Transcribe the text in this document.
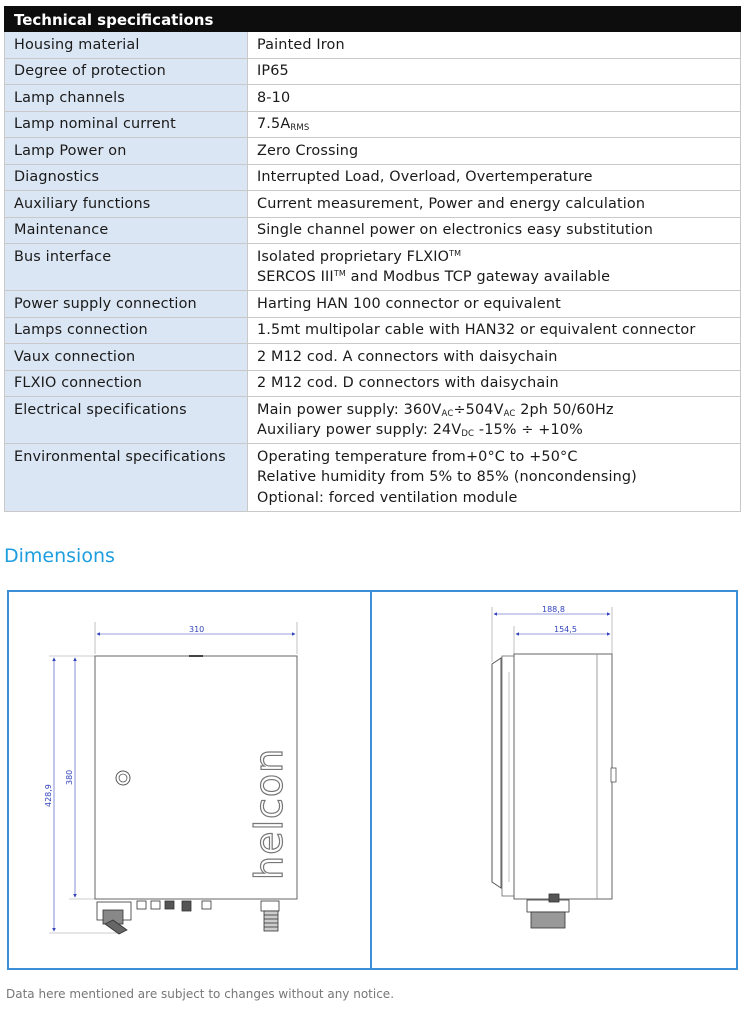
Technical specifications	
Housing material	Painted Iron
Degree of protection	IP65
Lamp channels	8-10
Lamp nominal current	$7.5A_{RMS}$
Lamp Power on	Zero Crossing
Diagnostics	Interrupted Load, Overload, Overtemperature
Auxiliary functions	Current measurement, Power and energy calculation
Maintenance	Single channel power on electronics easy substitution
Bus interface	Isolated proprietary FLXIO™
SERCOS III™ and Modbus TCP gateway available

Power supply connection	Harting HAN 100 connector or equivalent
Lamps connection	1.5mt multipolar cable with HAN32 or equivalent connector
Vaux connection	2 M12 cod. A connectors with daisychain
FLXIO connection	2 M12 cod. D connectors with daisychain
Electrical specifications	Main power supply: $360V_{AC}\div 504V_{AC}$ 2ph 50/60Hz
Auxiliary power supply: $24V_{DC}$ -15% ÷ +10%

Environmental specifications	Operating temperature from+0°C to +50°C
Relative humidity from 5% to 85% (noncondensing)
Optional: forced ventilation module
Dimensions
310
380
428,9	helcon
188,8
154,5
Data here mentioned are subject to changes without any notice.
